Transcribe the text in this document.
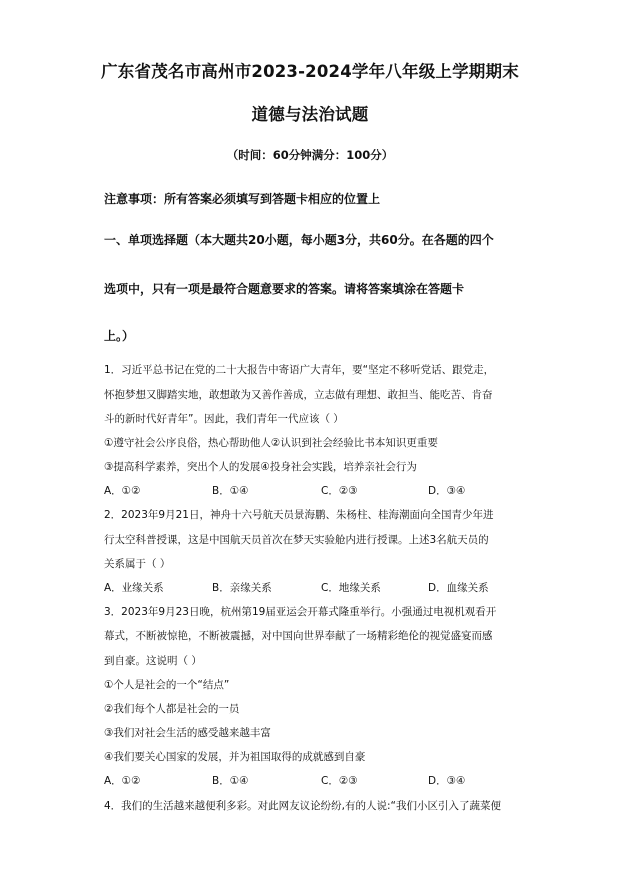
广东省茂名市高州市2023-2024学年八年级上学期期末
道德与法治试题
（时间：60分钟满分：100分）
注意事项：所有答案必须填写到答题卡相应的位置上
一、单项选择题（本大题共20小题，每小题3分，共60分。在各题的四个
选项中，只有一项是最符合题意要求的答案。请将答案填涂在答题卡
上。）
1．习近平总书记在党的二十大报告中寄语广大青年，要“坚定不移听党话、跟党走，
怀抱梦想又脚踏实地，敢想敢为又善作善成，立志做有理想、敢担当、能吃苦、肯奋
斗的新时代好青年”。因此，我们青年一代应该（ ）
①遵守社会公序良俗，热心帮助他人②认识到社会经验比书本知识更重要
③提高科学素养，突出个人的发展④投身社会实践，培养亲社会行为
A．①②	B．①④	C．②③	D．③④
2．2023年9月21日，神舟十六号航天员景海鹏、朱杨柱、桂海潮面向全国青少年进
行太空科普授课，这是中国航天员首次在梦天实验舱内进行授课。上述3名航天员的
关系属于（ ）
A．业缘关系	B．亲缘关系	C．地缘关系	D．血缘关系
3．2023年9月23日晚，杭州第19届亚运会开幕式隆重举行。小强通过电视机观看开
幕式，不断被惊艳，不断被震撼，对中国向世界奉献了一场精彩绝伦的视觉盛宴而感
到自豪。这说明（ ）
①个人是社会的一个“结点”
②我们每个人都是社会的一员
③我们对社会生活的感受越来越丰富
④我们要关心国家的发展，并为祖国取得的成就感到自豪
A．①②	B．①④	C．②③	D．③④
4．我们的生活越来越便利多彩。对此网友议论纷纷,有的人说:“我们小区引入了蔬菜便
